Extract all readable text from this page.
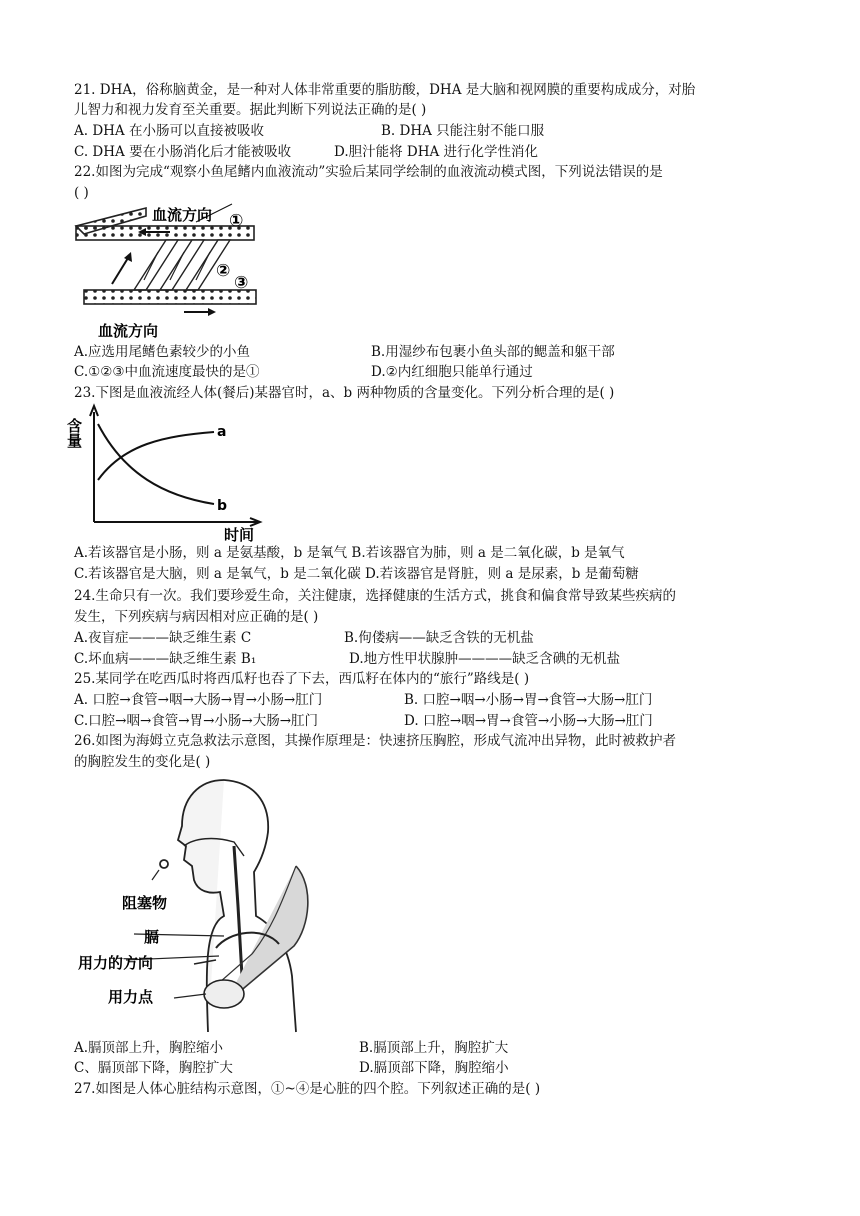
21. DHA，俗称脑黄金，是一种对人体非常重要的脂肪酸，DHA 是大脑和视网膜的重要构成成分，对胎
儿智力和视力发育至关重要。据此判断下列说法正确的是( )
A. DHA 在小肠可以直接被吸收	B. DHA 只能注射不能口服
C. DHA 要在小肠消化后才能被吸收	D.胆汁能将 DHA 进行化学性消化
22.如图为完成“观察小鱼尾鳍内血液流动”实验后某同学绘制的血液流动模式图，下列说法错误的是
( )
血流方向 ①
②
③
血流方向
A.应选用尾鳍色素较少的小鱼	B.用湿纱布包裹小鱼头部的鳃盖和躯干部
C.①②③中血流速度最快的是①	D.②内红细胞只能单行通过
23.下图是血液流经人体(餐后)某器官时，a、b 两种物质的含量变化。下列分析合理的是( )
a
b
含量
时间
A.若该器官是小肠，则 a 是氨基酸，b 是氧气 B.若该器官为肺，则 a 是二氧化碳，b 是氧气
C.若该器官是大脑，则 a 是氧气，b 是二氧化碳 D.若该器官是肾脏，则 a 是尿素，b 是葡萄糖
24.生命只有一次。我们要珍爱生命，关注健康，选择健康的生活方式，挑食和偏食常导致某些疾病的
发生，下列疾病与病因相对应正确的是( )
A.夜盲症———缺乏维生素 C	B.佝偻病——缺乏含铁的无机盐
C.坏血病———缺乏维生素 B₁	D.地方性甲状腺肿————缺乏含碘的无机盐
25.某同学在吃西瓜时将西瓜籽也吞了下去，西瓜籽在体内的“旅行”路线是( )
A. 口腔→食管→咽→大肠→胃→小肠→肛门	B. 口腔→咽→小肠→胃→食管→大肠→肛门
C.口腔→咽→食管→胃→小肠→大肠→肛门	D. 口腔→咽→胃→食管→小肠→大肠→肛门
26.如图为海姆立克急救法示意图，其操作原理是：快速挤压胸腔，形成气流冲出异物，此时被救护者
的胸腔发生的变化是( )
阻塞物
膈
用力的方向
用力点
A.膈顶部上升，胸腔缩小	B.膈顶部上升，胸腔扩大
C、膈顶部下降，胸腔扩大	D.膈顶部下降，胸腔缩小
27.如图是人体心脏结构示意图，①~④是心脏的四个腔。下列叙述正确的是( )
